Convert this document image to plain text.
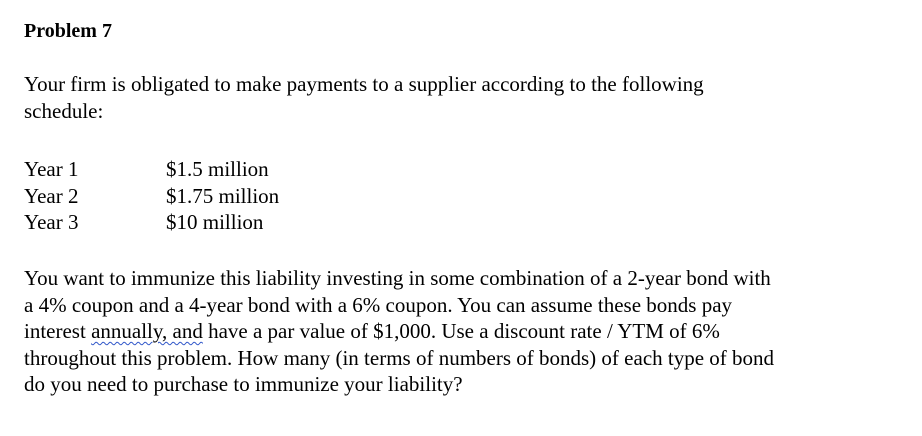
Problem 7

Your firm is obligated to make payments to a supplier according to the following
schedule:

Year 1	$1.5 million
Year 2	$1.75 million
Year 3	$10 million

You want to immunize this liability investing in some combination of a 2-year bond with
a 4% coupon and a 4-year bond with a 6% coupon. You can assume these bonds pay
interest annually, and have a par value of $1,000. Use a discount rate / YTM of 6%
throughout this problem. How many (in terms of numbers of bonds) of each type of bond
do you need to purchase to immunize your liability?
